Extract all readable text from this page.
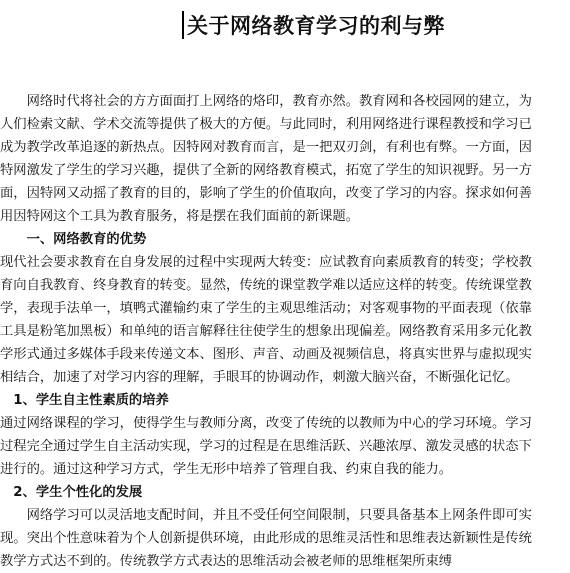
关于网络教育学习的利与弊
　　网络时代将社会的方方面面打上网络的烙印，教育亦然。教育网和各校园网的建立，为
人们检索文献、学术交流等提供了极大的方便。与此同时，利用网络进行课程教授和学习已
成为教学改革追逐的新热点。因特网对教育而言，是一把双刃剑，有利也有弊。一方面，因
特网激发了学生的学习兴趣，提供了全新的网络教育模式，拓宽了学生的知识视野。另一方
面，因特网又动摇了教育的目的，影响了学生的价值取向，改变了学习的内容。探求如何善
用因特网这个工具为教育服务，将是摆在我们面前的新课题。
　　一、网络教育的优势
现代社会要求教育在自身发展的过程中实现两大转变：应试教育向素质教育的转变；学校教
育向自我教育、终身教育的转变。显然，传统的课堂教学难以适应这样的转变。传统课堂教
学，表现手法单一，填鸭式灌输约束了学生的主观思维活动；对客观事物的平面表现（依靠
工具是粉笔加黑板）和单纯的语言解释往往使学生的想象出现偏差。网络教育采用多元化教
学形式通过多媒体手段来传递文本、图形、声音、动画及视频信息，将真实世界与虚拟现实
相结合，加速了对学习内容的理解，手眼耳的协调动作，刺激大脑兴奋，不断强化记忆。
　1、学生自主性素质的培养
通过网络课程的学习，使得学生与教师分离，改变了传统的以教师为中心的学习环境。学习
过程完全通过学生自主活动实现，学习的过程是在思维活跃、兴趣浓厚、激发灵感的状态下
进行的。通过这种学习方式，学生无形中培养了管理自我、约束自我的能力。
　2、学生个性化的发展
　　网络学习可以灵活地支配时间，并且不受任何空间限制，只要具备基本上网条件即可实
现。突出个性意味着为个人创新提供环境，由此形成的思维灵活性和思维表达新颖性是传统
教学方式达不到的。传统教学方式表达的思维活动会被老师的思维框架所束缚
